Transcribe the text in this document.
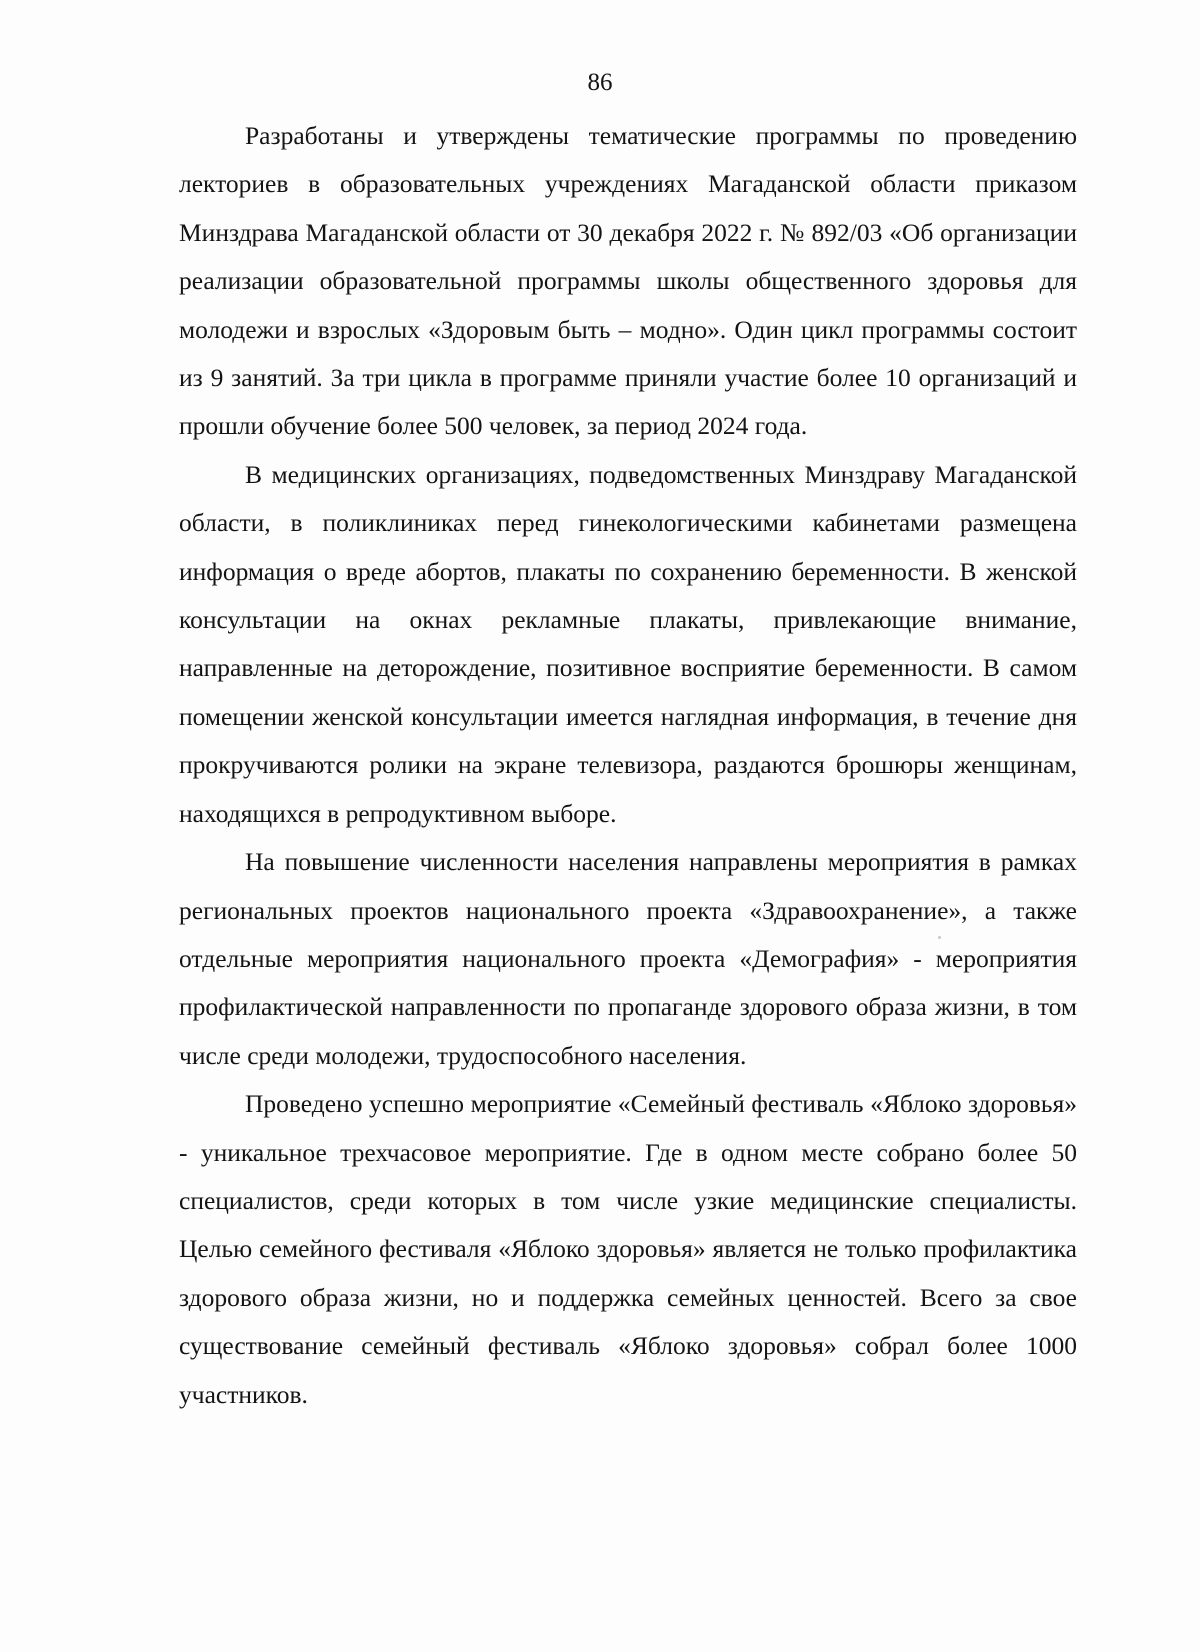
86

Разработаны и утверждены тематические программы по проведению лекториев в образовательных учреждениях Магаданской области приказом Минздрава Магаданской области от 30 декабря 2022 г. № 892/03 «Об организации реализации образовательной программы школы общественного здоровья для молодежи и взрослых «Здоровым быть – модно». Один цикл программы состоит из 9 занятий. За три цикла в программе приняли участие более 10 организаций и прошли обучение более 500 человек, за период 2024 года.

В медицинских организациях, подведомственных Минздраву Магаданской области, в поликлиниках перед гинекологическими кабинетами размещена информация о вреде абортов, плакаты по сохранению беременности. В женской консультации на окнах рекламные плакаты, привлекающие внимание, направленные на деторождение, позитивное восприятие беременности. В самом помещении женской консультации имеется наглядная информация, в течение дня прокручиваются ролики на экране телевизора, раздаются брошюры женщинам, находящихся в репродуктивном выборе.

На повышение численности населения направлены мероприятия в рамках региональных проектов национального проекта «Здравоохранение», а также отдельные мероприятия национального проекта «Демография» - мероприятия профилактической направленности по пропаганде здорового образа жизни, в том числе среди молодежи, трудоспособного населения.

Проведено успешно мероприятие «Семейный фестиваль «Яблоко здоровья» - уникальное трехчасовое мероприятие. Где в одном месте собрано более 50 специалистов, среди которых в том числе узкие медицинские специалисты. Целью семейного фестиваля «Яблоко здоровья» является не только профилактика здорового образа жизни, но и поддержка семейных ценностей. Всего за свое существование семейный фестиваль «Яблоко здоровья» собрал более 1000 участников.
